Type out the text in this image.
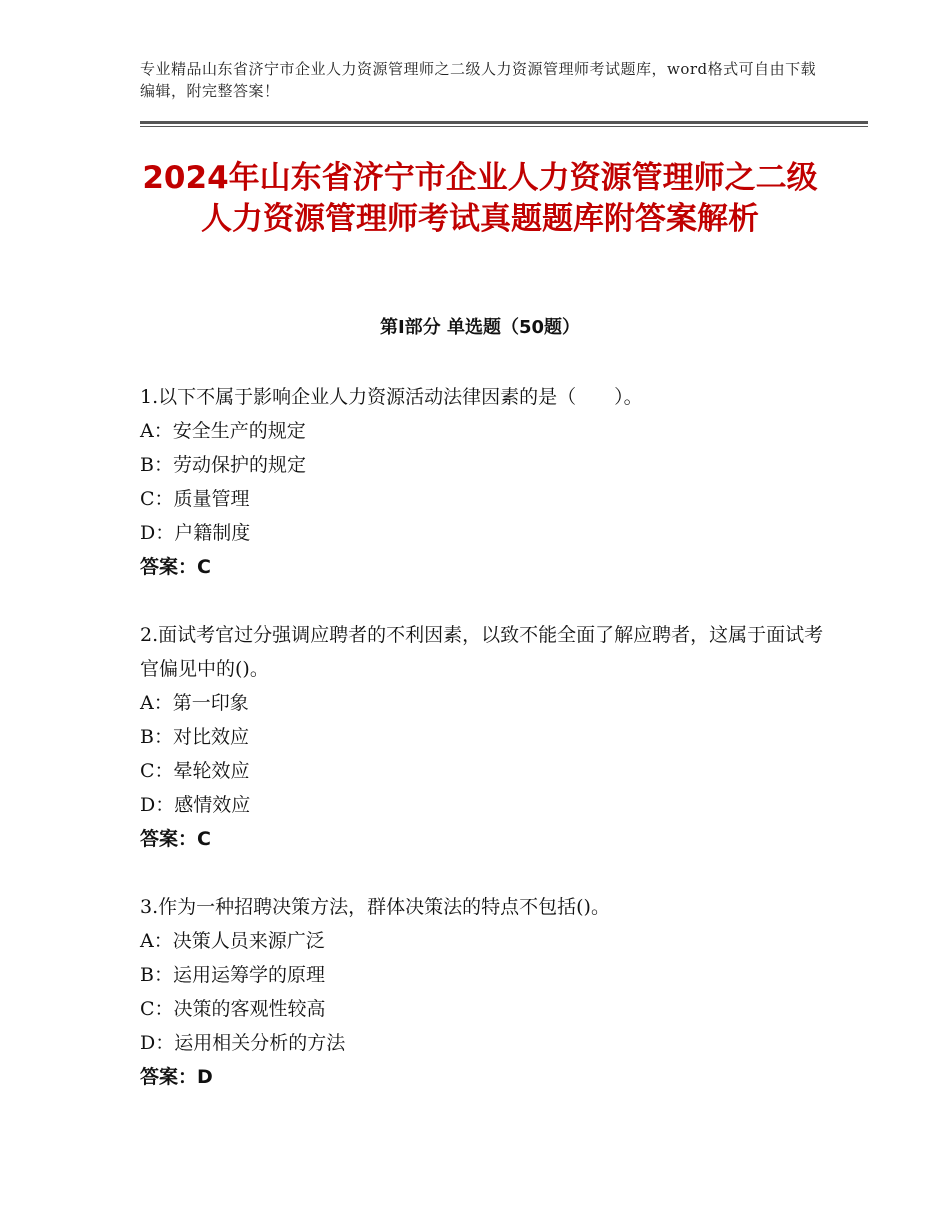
专业精品山东省济宁市企业人力资源管理师之二级人力资源管理师考试题库，word格式可自由下载编辑，附完整答案！
2024年山东省济宁市企业人力资源管理师之二级人力资源管理师考试真题题库附答案解析
第Ⅰ部分 单选题（50题）

1.以下不属于影响企业人力资源活动法律因素的是（　　）。

A：安全生产的规定

B：劳动保护的规定

C：质量管理

D：户籍制度

答案：C

2.面试考官过分强调应聘者的不利因素，以致不能全面了解应聘者，这属于面试考官偏见中的()。

A：第一印象

B：对比效应

C：晕轮效应

D：感情效应

答案：C

3.作为一种招聘决策方法，群体决策法的特点不包括()。

A：决策人员来源广泛

B：运用运筹学的原理

C：决策的客观性较高

D：运用相关分析的方法

答案：D
